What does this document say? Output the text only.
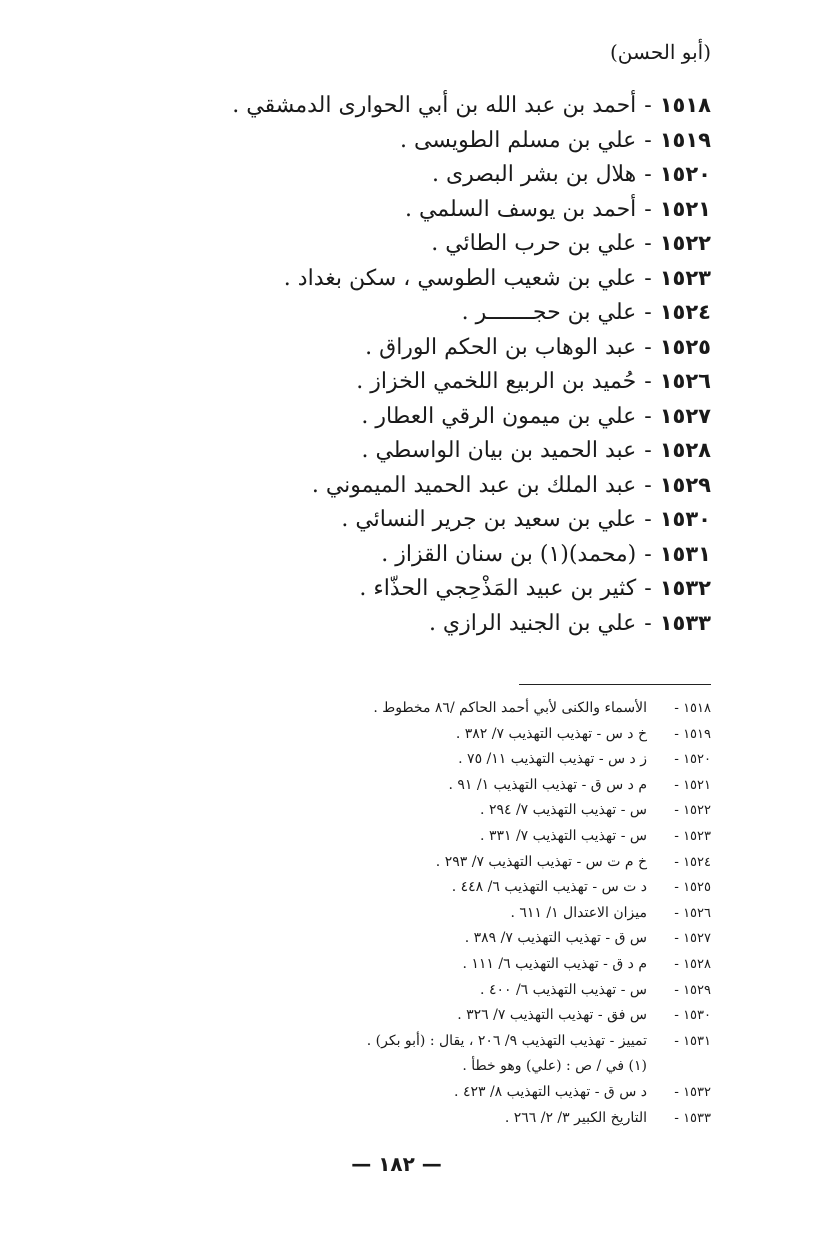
(أبو الحسن)
١٥١٨
-
أحمد بن عبد الله بن أبي الحوارى الدمشقي .
١٥١٩
-
علي بن مسلم الطويسى .
١٥٢٠
-
هلال بن بشر البصرى .
١٥٢١
-
أحمد بن يوسف السلمي .
١٥٢٢
-
علي بن حرب الطائي .
١٥٢٣
-
علي بن شعيب الطوسي ، سكن بغداد .
١٥٢٤
-
علي بن حجـــــــر .
١٥٢٥
-
عبد الوهاب بن الحكم الوراق .
١٥٢٦
-
حُميد بن الربيع اللخمي الخزاز .
١٥٢٧
-
علي بن ميمون الرقي العطار .
١٥٢٨
-
عبد الحميد بن بيان الواسطي .
١٥٢٩
-
عبد الملك بن عبد الحميد الميموني .
١٥٣٠
-
علي بن سعيد بن جرير النسائي .
١٥٣١
-
(محمد)(١) بن سنان القزاز .
١٥٣٢
-
كثير بن عبيد المَذْحِجي الحذّاء .
١٥٣٣
-
علي بن الجنيد الرازي .
١٥١٨ -
الأسماء والكنى لأبي أحمد الحاكم /٨٦ مخطوط .
١٥١٩ -
خ د س - تهذيب التهذيب ٧/ ٣٨٢ .
١٥٢٠ -
ز د س - تهذيب التهذيب ١١/ ٧٥ .
١٥٢١ -
م د س ق - تهذيب التهذيب ١/ ٩١ .
١٥٢٢ -
س - تهذيب التهذيب ٧/ ٢٩٤ .
١٥٢٣ -
س - تهذيب التهذيب ٧/ ٣٣١ .
١٥٢٤ -
خ م ت س - تهذيب التهذيب ٧/ ٢٩٣ .
١٥٢٥ -
د ت س - تهذيب التهذيب ٦/ ٤٤٨ .
١٥٢٦ -
ميزان الاعتدال ١/ ٦١١ .
١٥٢٧ -
س ق - تهذيب التهذيب ٧/ ٣٨٩ .
١٥٢٨ -
م د ق - تهذيب التهذيب ٦/ ١١١ .
١٥٢٩ -
س - تهذيب التهذيب ٦/ ٤٠٠ .
١٥٣٠ -
س فق - تهذيب التهذيب ٧/ ٣٢٦ .
١٥٣١ -
تمييز - تهذيب التهذيب ٩/ ٢٠٦ ، يقال : (أبو بكر) .
(١) في / ص : (علي) وهو خطأ .
١٥٣٢ -
د س ق - تهذيب التهذيب ٨/ ٤٢٣ .
١٥٣٣ -
التاريخ الكبير ٣/ ٢/ ٢٦٦ .
— ١٨٢ —
